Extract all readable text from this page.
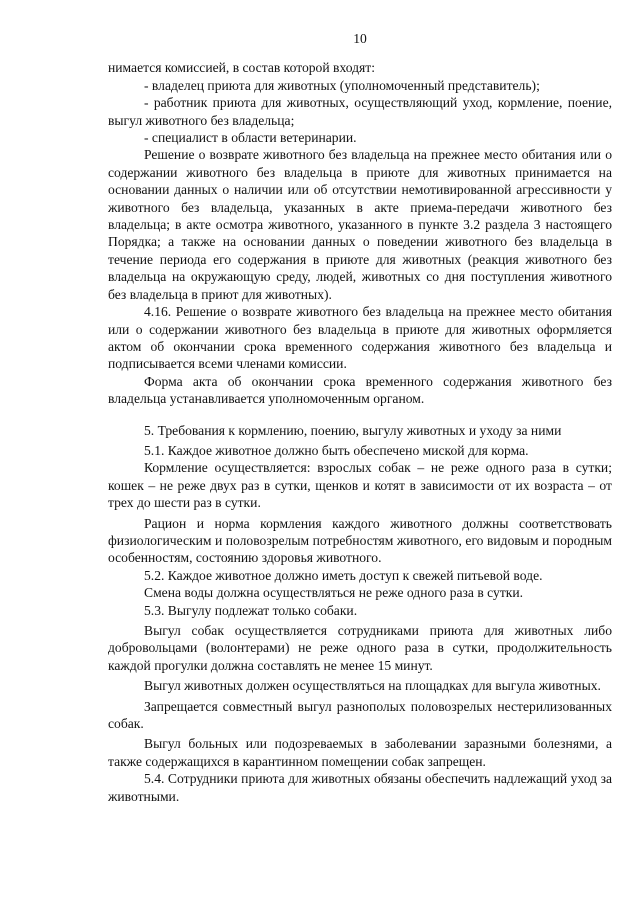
10

нимается комиссией, в состав которой входят:

- владелец приюта для животных (уполномоченный представитель);

- работник приюта для животных, осуществляющий уход, кормление, поение, выгул животного без владельца;

- специалист в области ветеринарии.

Решение о возврате животного без владельца на прежнее место обитания или о содержании животного без владельца в приюте для животных принимается на основании данных о наличии или об отсутствии немотивированной агрессивности у животного без владельца, указанных в акте приема-передачи животного без владельца; в акте осмотра животного, указанного в пункте 3.2 раздела 3 настоящего Порядка; а также на основании данных о поведении животного без владельца в течение периода его содержания в приюте для животных (реакция животного без владельца на окружающую среду, людей, животных со дня поступления животного без владельца в приют для животных).

4.16. Решение о возврате животного без владельца на прежнее место обитания или о содержании животного без владельца в приюте для животных оформляется актом об окончании срока временного содержания животного без владельца и подписывается всеми членами комиссии.

Форма акта об окончании срока временного содержания животного без владельца устанавливается уполномоченным органом.

5. Требования к кормлению, поению, выгулу животных и уходу за ними

5.1. Каждое животное должно быть обеспечено миской для корма.

Кормление осуществляется: взрослых собак – не реже одного раза в сутки; кошек – не реже двух раз в сутки, щенков и котят в зависимости от их возраста – от трех до шести раз в сутки.

Рацион и норма кормления каждого животного должны соответствовать физиологическим и половозрелым потребностям животного, его видовым и породным особенностям, состоянию здоровья животного.

5.2. Каждое животное должно иметь доступ к свежей питьевой воде.

Смена воды должна осуществляться не реже одного раза в сутки.

5.3. Выгулу подлежат только собаки.

Выгул собак осуществляется сотрудниками приюта для животных либо добровольцами (волонтерами) не реже одного раза в сутки, продолжительность каждой прогулки должна составлять не менее 15 минут.

Выгул животных должен осуществляться на площадках для выгула животных.

Запрещается совместный выгул разнополых половозрелых нестерилизованных собак.

Выгул больных или подозреваемых в заболевании заразными болезнями, а также содержащихся в карантинном помещении собак запрещен.

5.4. Сотрудники приюта для животных обязаны обеспечить надлежащий уход за животными.
